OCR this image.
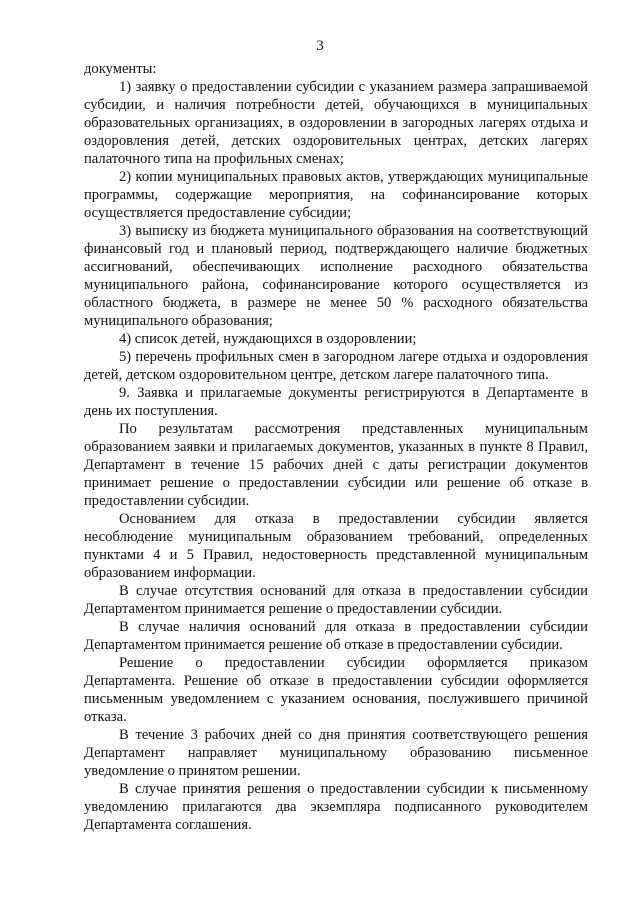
3

документы:

1) заявку о предоставлении субсидии с указанием размера запрашиваемой субсидии, и наличия потребности детей, обучающихся в муниципальных образовательных организациях, в оздоровлении в загородных лагерях отдыха и оздоровления детей, детских оздоровительных центрах, детских лагерях палаточного типа на профильных сменах;

2) копии муниципальных правовых актов, утверждающих муниципальные программы, содержащие мероприятия, на софинансирование которых осуществляется предоставление субсидии;

3) выписку из бюджета муниципального образования на соответствующий финансовый год и плановый период, подтверждающего наличие бюджетных ассигнований, обеспечивающих исполнение расходного обязательства муниципального района, софинансирование которого осуществляется из областного бюджета, в размере не менее 50 % расходного обязательства муниципального образования;

4) список детей, нуждающихся в оздоровлении;

5) перечень профильных смен в загородном лагере отдыха и оздоровления детей, детском оздоровительном центре, детском лагере палаточного типа.

9. Заявка и прилагаемые документы регистрируются в Департаменте в день их поступления.

По результатам рассмотрения представленных муниципальным образованием заявки и прилагаемых документов, указанных в пункте 8 Правил, Департамент в течение 15 рабочих дней с даты регистрации документов принимает решение о предоставлении субсидии или решение об отказе в предоставлении субсидии.

Основанием для отказа в предоставлении субсидии является несоблюдение муниципальным образованием требований, определенных пунктами 4 и 5 Правил, недостоверность представленной муниципальным образованием информации.

В случае отсутствия оснований для отказа в предоставлении субсидии Департаментом принимается решение о предоставлении субсидии.

В случае наличия оснований для отказа в предоставлении субсидии Департаментом принимается решение об отказе в предоставлении субсидии.

Решение о предоставлении субсидии оформляется приказом Департамента. Решение об отказе в предоставлении субсидии оформляется письменным уведомлением с указанием основания, послужившего причиной отказа.

В течение 3 рабочих дней со дня принятия соответствующего решения Департамент направляет муниципальному образованию письменное уведомление о принятом решении.

В случае принятия решения о предоставлении субсидии к письменному уведомлению прилагаются два экземпляра подписанного руководителем Департамента соглашения.
